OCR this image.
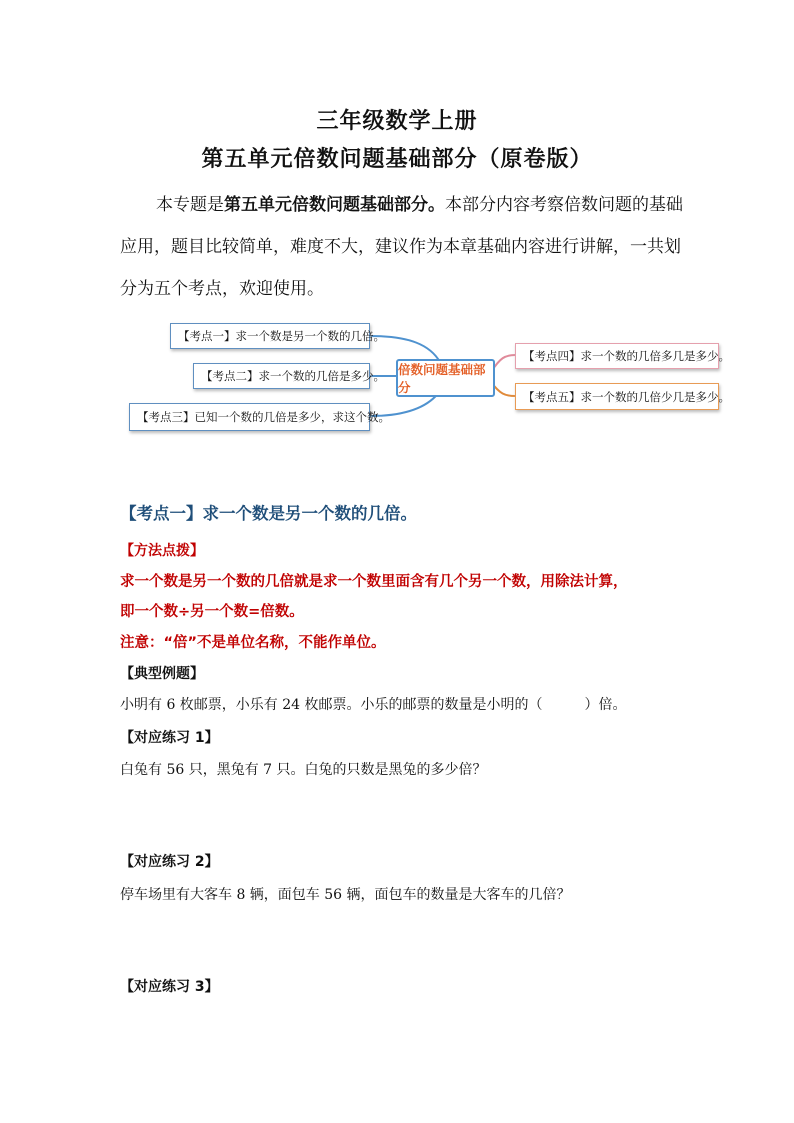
三年级数学上册
第五单元倍数问题基础部分（原卷版）
本专题是第五单元倍数问题基础部分。本部分内容考察倍数问题的基础应用，题目比较简单，难度不大，建议作为本章基础内容进行讲解，一共划分为五个考点，欢迎使用。
倍数问题基础部分
【考点一】求一个数是另一个数的几倍。
【考点二】求一个数的几倍是多少。
【考点三】已知一个数的几倍是多少，求这个数。
【考点四】求一个数的几倍多几是多少。
【考点五】求一个数的几倍少几是多少。
【考点一】求一个数是另一个数的几倍。
【方法点拨】
求一个数是另一个数的几倍就是求一个数里面含有几个另一个数，用除法计算，
即一个数÷另一个数=倍数。
注意：“倍”不是单位名称，不能作单位。
【典型例题】
小明有 6 枚邮票，小乐有 24 枚邮票。小乐的邮票的数量是小明的（　　　）倍。
【对应练习 1】
白兔有 56 只，黑兔有 7 只。白兔的只数是黑兔的多少倍？
【对应练习 2】
停车场里有大客车 8 辆，面包车 56 辆，面包车的数量是大客车的几倍？
【对应练习 3】
